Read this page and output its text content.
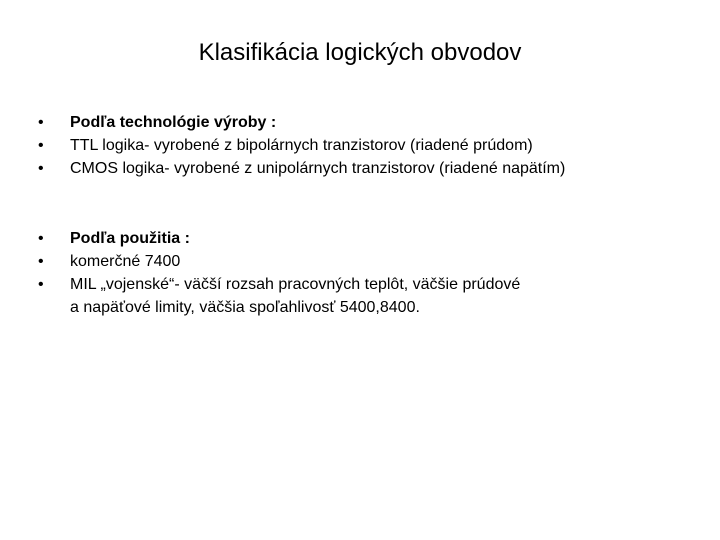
Klasifikácia logických obvodov
• Podľa technológie výroby :
• TTL logika- vyrobené z bipolárnych tranzistorov (riadené prúdom)
• CMOS logika- vyrobené z unipolárnych tranzistorov (riadené napätím)
• Podľa použitia :
• komerčné 7400
• MIL „vojenské“- väčší rozsah pracovných teplôt, väčšie prúdové
a napäťové limity, väčšia spoľahlivosť 5400,8400.
